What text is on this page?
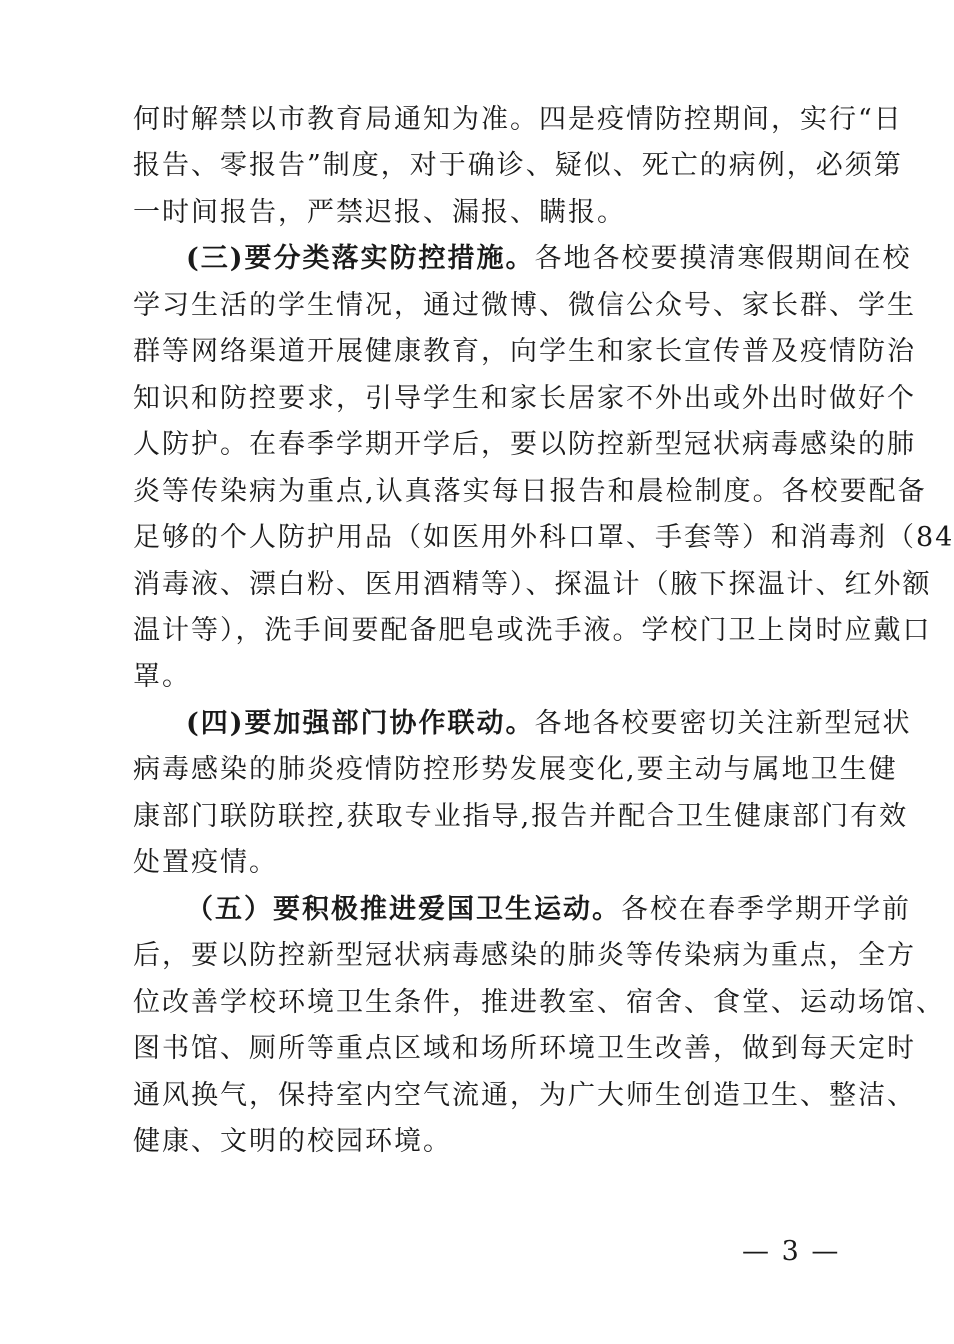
何时解禁以市教育局通知为准。四是疫情防控期间，实行“日
报告、零报告”制度，对于确诊、疑似、死亡的病例，必须第
一时间报告，严禁迟报、漏报、瞒报。
(三)要分类落实防控措施。各地各校要摸清寒假期间在校
学习生活的学生情况，通过微博、微信公众号、家长群、学生
群等网络渠道开展健康教育，向学生和家长宣传普及疫情防治
知识和防控要求，引导学生和家长居家不外出或外出时做好个
人防护。在春季学期开学后，要以防控新型冠状病毒感染的肺
炎等传染病为重点,认真落实每日报告和晨检制度。各校要配备
足够的个人防护用品（如医用外科口罩、手套等）和消毒剂（84
消毒液、漂白粉、医用酒精等）、探温计（腋下探温计、红外额
温计等），洗手间要配备肥皂或洗手液。学校门卫上岗时应戴口
罩。
(四)要加强部门协作联动。各地各校要密切关注新型冠状
病毒感染的肺炎疫情防控形势发展变化,要主动与属地卫生健
康部门联防联控,获取专业指导,报告并配合卫生健康部门有效
处置疫情。
（五）要积极推进爱国卫生运动。各校在春季学期开学前
后，要以防控新型冠状病毒感染的肺炎等传染病为重点，全方
位改善学校环境卫生条件，推进教室、宿舍、食堂、运动场馆、
图书馆、厕所等重点区域和场所环境卫生改善，做到每天定时
通风换气，保持室内空气流通，为广大师生创造卫生、整洁、
健康、文明的校园环境。
— 3 —
